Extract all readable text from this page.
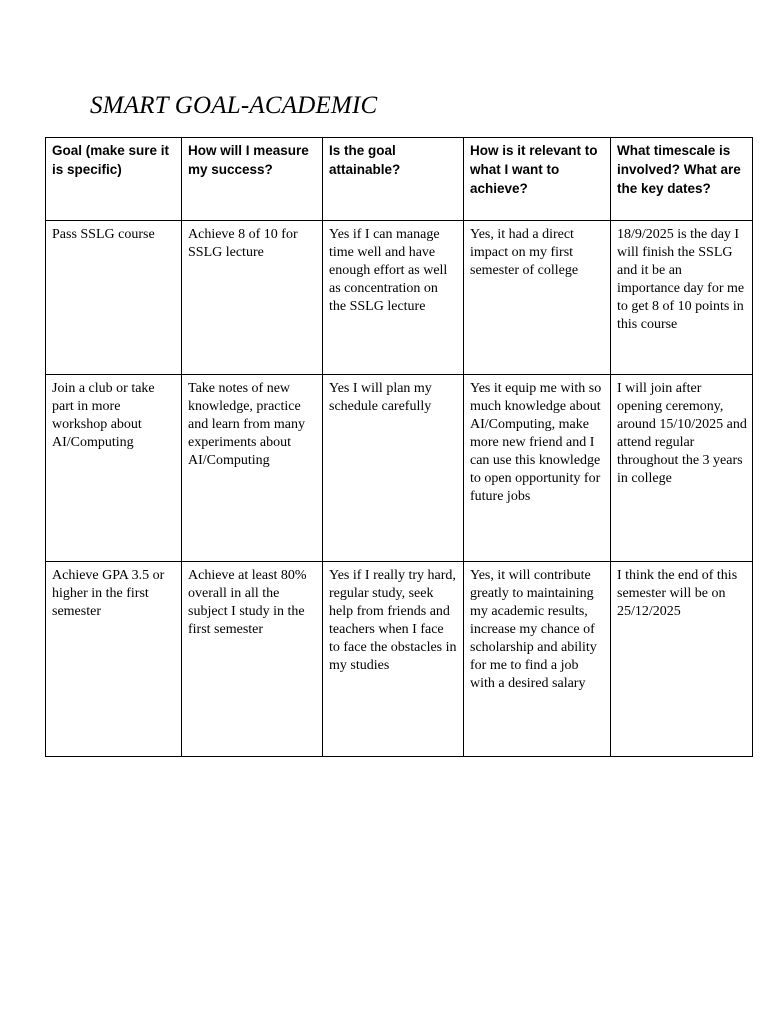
SMART GOAL-ACADEMIC
Goal (make sure it is specific)	How will I measure my success?	Is the goal attainable?	How is it relevant to what I want to achieve?	What timescale is involved? What are the key dates?
Pass SSLG course	Achieve 8 of 10 for SSLG lecture	Yes if I can manage time well and have enough effort as well as concentration on the SSLG lecture	Yes, it had a direct impact on my first semester of college	18/9/2025 is the day I will finish the SSLG and it be an importance day for me to get 8 of 10 points in this course
Join a club or take part in more workshop about AI/Computing	Take notes of new knowledge, practice and learn from many experiments about AI/Computing	Yes I will plan my schedule carefully	Yes it equip me with so much knowledge about AI/Computing, make more new friend and I can use this knowledge to open opportunity for future jobs	I will join after opening ceremony, around 15/10/2025 and attend regular throughout the 3 years in college
Achieve GPA 3.5 or higher in the first semester	Achieve at least 80% overall in all the subject I study in the first semester	Yes if I really try hard, regular study, seek help from friends and teachers when I face to face the obstacles in my studies	Yes, it will contribute greatly to maintaining my academic results, increase my chance of scholarship and ability for me to find a job with a desired salary	I think the end of this semester will be on 25/12/2025
